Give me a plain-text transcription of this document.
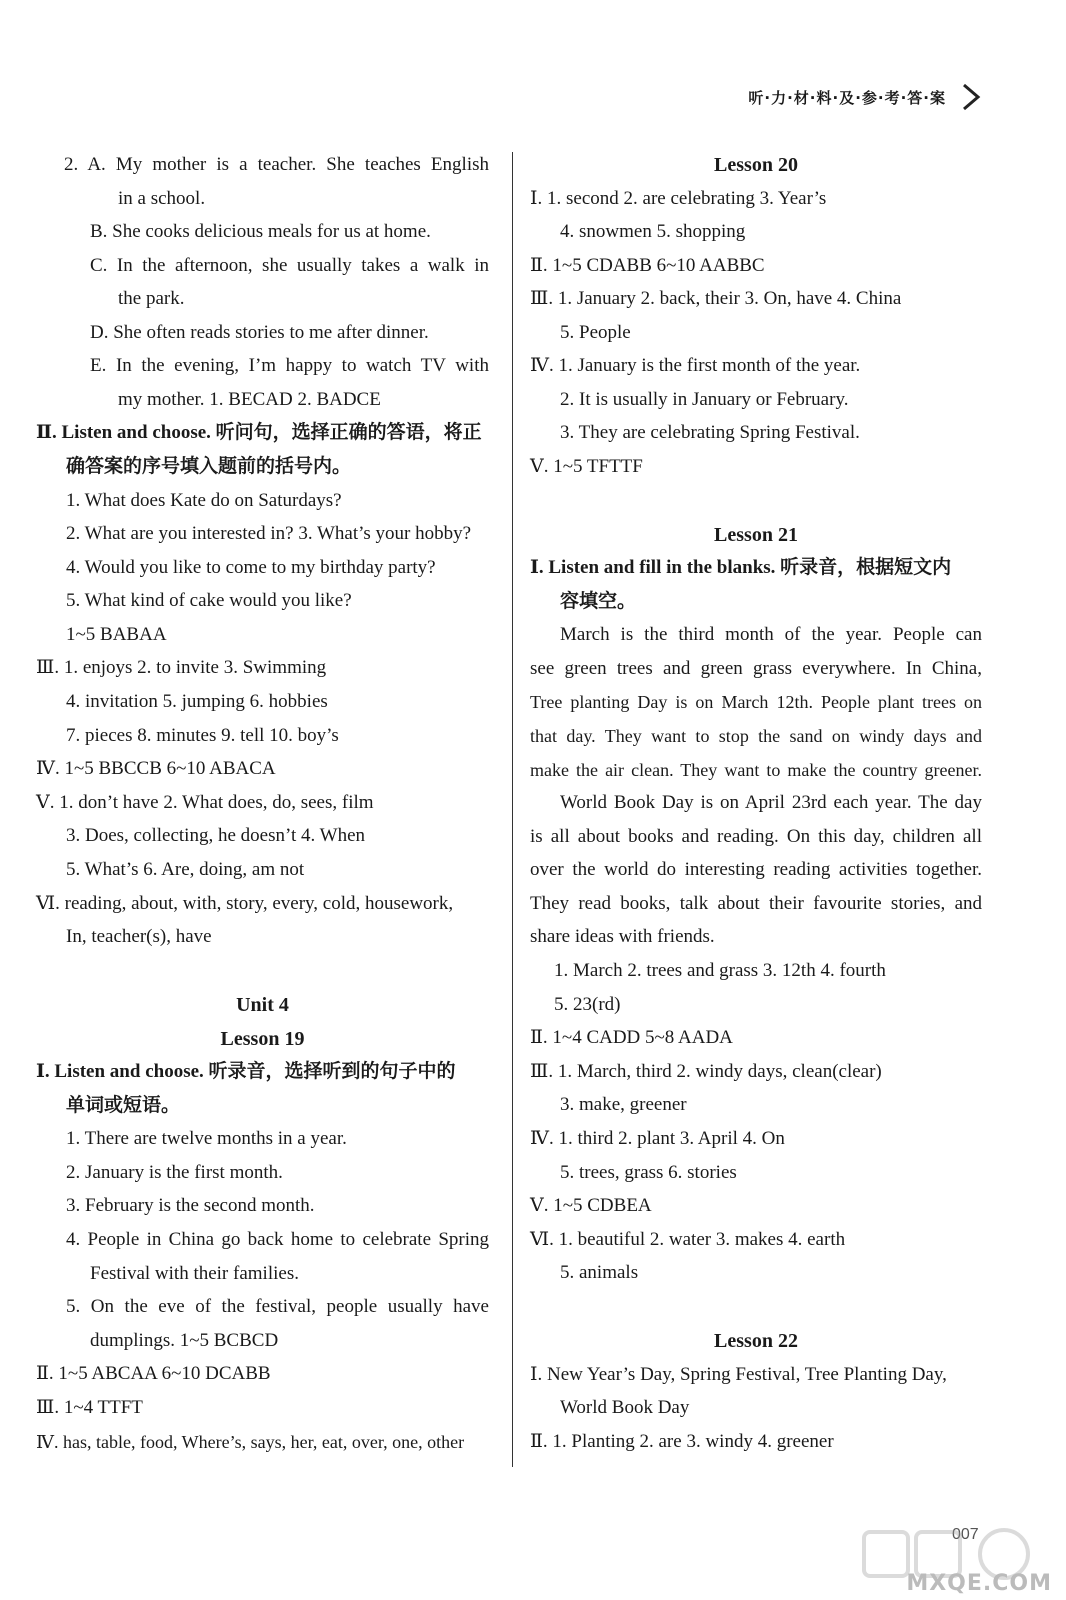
听·力·材·料·及·参·考·答·案
2. A. My mother is a teacher. She teaches English
in a school.
B. She cooks delicious meals for us at home.
C. In the afternoon, she usually takes a walk in
the park.
D. She often reads stories to me after dinner.
E. In the evening, I’m happy to watch TV with
my mother. 1. BECAD 2. BADCE
Ⅱ. Listen and choose. 听问句，选择正确的答语，将正
确答案的序号填入题前的括号内。
1. What does Kate do on Saturdays?
2. What are you interested in? 3. What’s your hobby?
4. Would you like to come to my birthday party?
5. What kind of cake would you like?
1~5 BABAA
Ⅲ. 1. enjoys 2. to invite 3. Swimming
4. invitation 5. jumping 6. hobbies
7. pieces 8. minutes 9. tell 10. boy’s
Ⅳ. 1~5 BBCCB 6~10 ABACA
Ⅴ. 1. don’t have 2. What does, do, sees, film
3. Does, collecting, he doesn’t 4. When
5. What’s 6. Are, doing, am not
Ⅵ. reading, about, with, story, every, cold, housework,
In, teacher(s), have
Unit 4
Lesson 19
Ⅰ. Listen and choose. 听录音，选择听到的句子中的
单词或短语。
1. There are twelve months in a year.
2. January is the first month.
3. February is the second month.
4. People in China go back home to celebrate Spring
Festival with their families.
5. On the eve of the festival, people usually have
dumplings. 1~5 BCBCD
Ⅱ. 1~5 ABCAA 6~10 DCABB
Ⅲ. 1~4 TTFT
Ⅳ. has, table, food, Where’s, says, her, eat, over, one, other
Lesson 20
Ⅰ. 1. second 2. are celebrating 3. Year’s
4. snowmen 5. shopping
Ⅱ. 1~5 CDABB 6~10 AABBC
Ⅲ. 1. January 2. back, their 3. On, have 4. China
5. People
Ⅳ. 1. January is the first month of the year.
2. It is usually in January or February.
3. They are celebrating Spring Festival.
Ⅴ. 1~5 TFTTF
Lesson 21
Ⅰ. Listen and fill in the blanks. 听录音，根据短文内
容填空。
March is the third month of the year. People can
see green trees and green grass everywhere. In China,
Tree planting Day is on March 12th. People plant trees on
that day. They want to stop the sand on windy days and
make the air clean. They want to make the country greener.
World Book Day is on April 23rd each year. The day
is all about books and reading. On this day, children all
over the world do interesting reading activities together.
They read books, talk about their favourite stories, and
share ideas with friends.
1. March 2. trees and grass 3. 12th 4. fourth
5. 23(rd)
Ⅱ. 1~4 CADD 5~8 AADA
Ⅲ. 1. March, third 2. windy days, clean(clear)
3. make, greener
Ⅳ. 1. third 2. plant 3. April 4. On
5. trees, grass 6. stories
Ⅴ. 1~5 CDBEA
Ⅵ. 1. beautiful 2. water 3. makes 4. earth
5. animals
Lesson 22
Ⅰ. New Year’s Day, Spring Festival, Tree Planting Day,
World Book Day
Ⅱ. 1. Planting 2. are 3. windy 4. greener
007
MXQE.COM
